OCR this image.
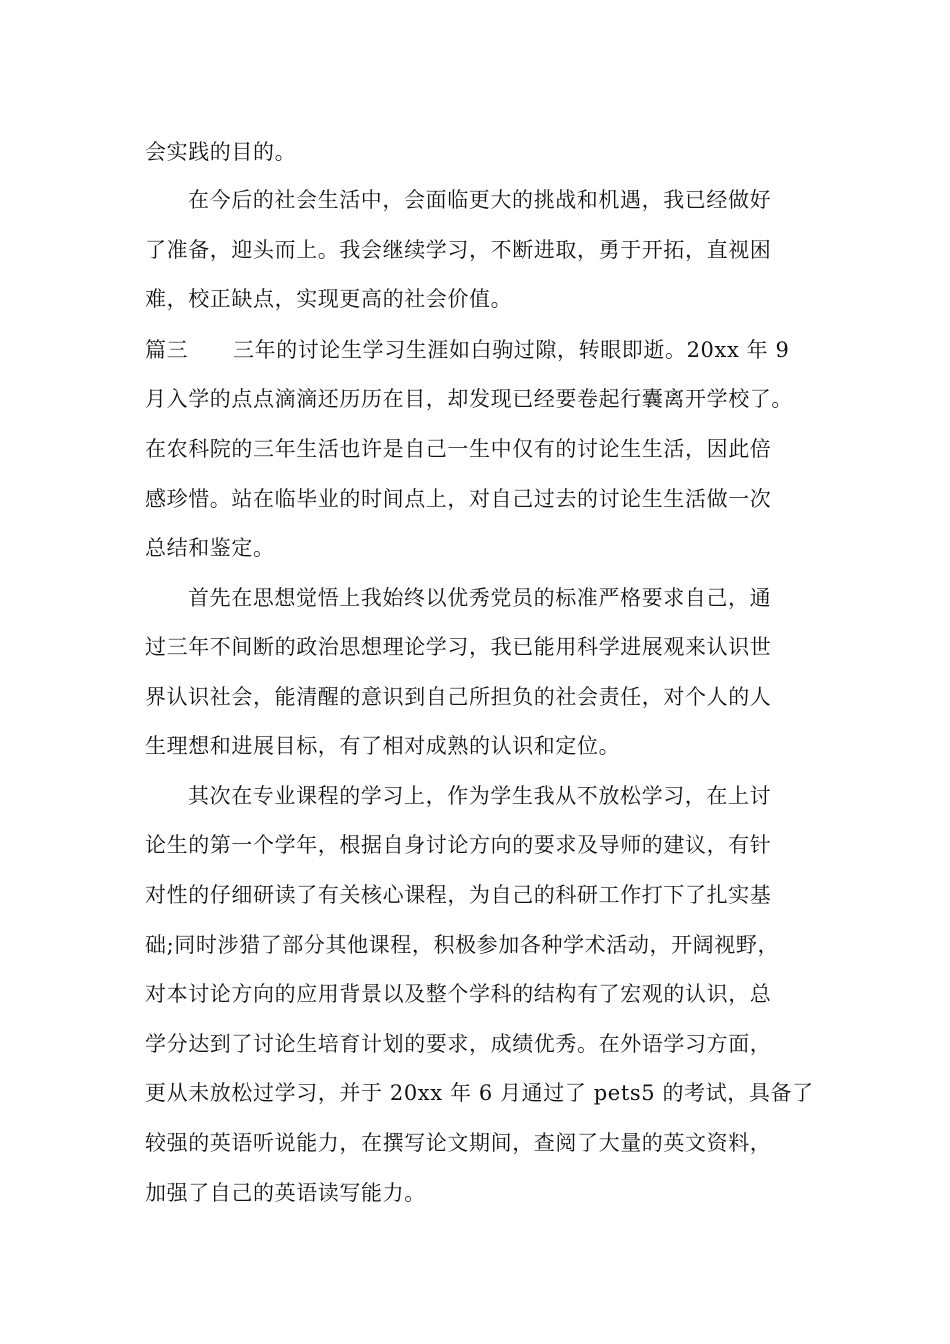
会实践的目的。
在今后的社会生活中，会面临更大的挑战和机遇，我已经做好
了准备，迎头而上。我会继续学习，不断进取，勇于开拓，直视困
难，校正缺点，实现更高的社会价值。
篇三 三年的讨论生学习生涯如白驹过隙，转眼即逝。20xx 年 9
月入学的点点滴滴还历历在目，却发现已经要卷起行囊离开学校了。
在农科院的三年生活也许是自己一生中仅有的讨论生生活，因此倍
感珍惜。站在临毕业的时间点上，对自己过去的讨论生生活做一次
总结和鉴定。
首先在思想觉悟上我始终以优秀党员的标准严格要求自己，通
过三年不间断的政治思想理论学习，我已能用科学进展观来认识世
界认识社会，能清醒的意识到自己所担负的社会责任，对个人的人
生理想和进展目标，有了相对成熟的认识和定位。
其次在专业课程的学习上，作为学生我从不放松学习，在上讨
论生的第一个学年，根据自身讨论方向的要求及导师的建议，有针
对性的仔细研读了有关核心课程，为自己的科研工作打下了扎实基
础;同时涉猎了部分其他课程，积极参加各种学术活动，开阔视野，
对本讨论方向的应用背景以及整个学科的结构有了宏观的认识，总
学分达到了讨论生培育计划的要求，成绩优秀。在外语学习方面，
更从未放松过学习，并于 20xx 年 6 月通过了 pets5 的考试，具备了
较强的英语听说能力，在撰写论文期间，查阅了大量的英文资料，
加强了自己的英语读写能力。
